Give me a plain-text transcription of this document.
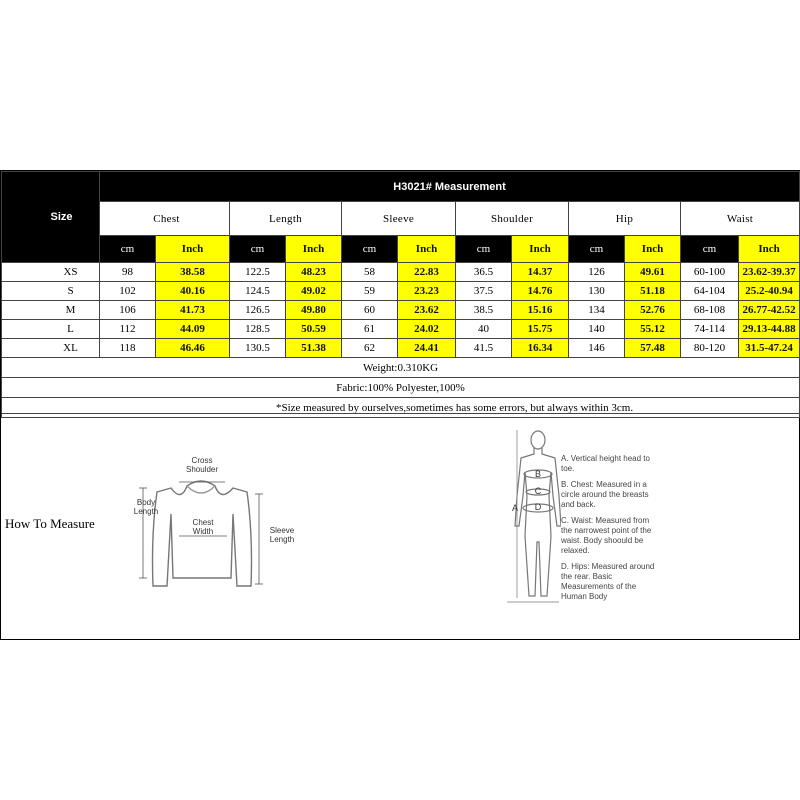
Size	H3021# Measurement											
	Chest		Length		Sleeve		Shoulder		Hip		Waist	
	cm	Inch	cm	Inch	cm	Inch	cm	Inch	cm	Inch	cm	Inch
XS	98	38.58	122.5	48.23	58	22.83	36.5	14.37	126	49.61	60-100	23.62-39.37
S	102	40.16	124.5	49.02	59	23.23	37.5	14.76	130	51.18	64-104	25.2-40.94
M	106	41.73	126.5	49.80	60	23.62	38.5	15.16	134	52.76	68-108	26.77-42.52
L	112	44.09	128.5	50.59	61	24.02	40	15.75	140	55.12	74-114	29.13-44.88
XL	118	46.46	130.5	51.38	62	24.41	41.5	16.34	146	57.48	80-120	31.5-47.24
Weight:0.310KG												
Fabric:100% Polyester,100%												
*Size measured by ourselves,sometimes has some errors, but always within 3cm.												
How To Measure
Cross Shoulder
Body Length
Chest Width	Sleeve Length
A
B
C
D

A. Vertical height head to toe.

B. Chest: Measured in a circle around the breasts and back.

C. Waist: Measured from the narrowest point of the waist. Body shoould be relaxed.

D. Hips: Measured around the rear. Basic Measurements of the Human Body
